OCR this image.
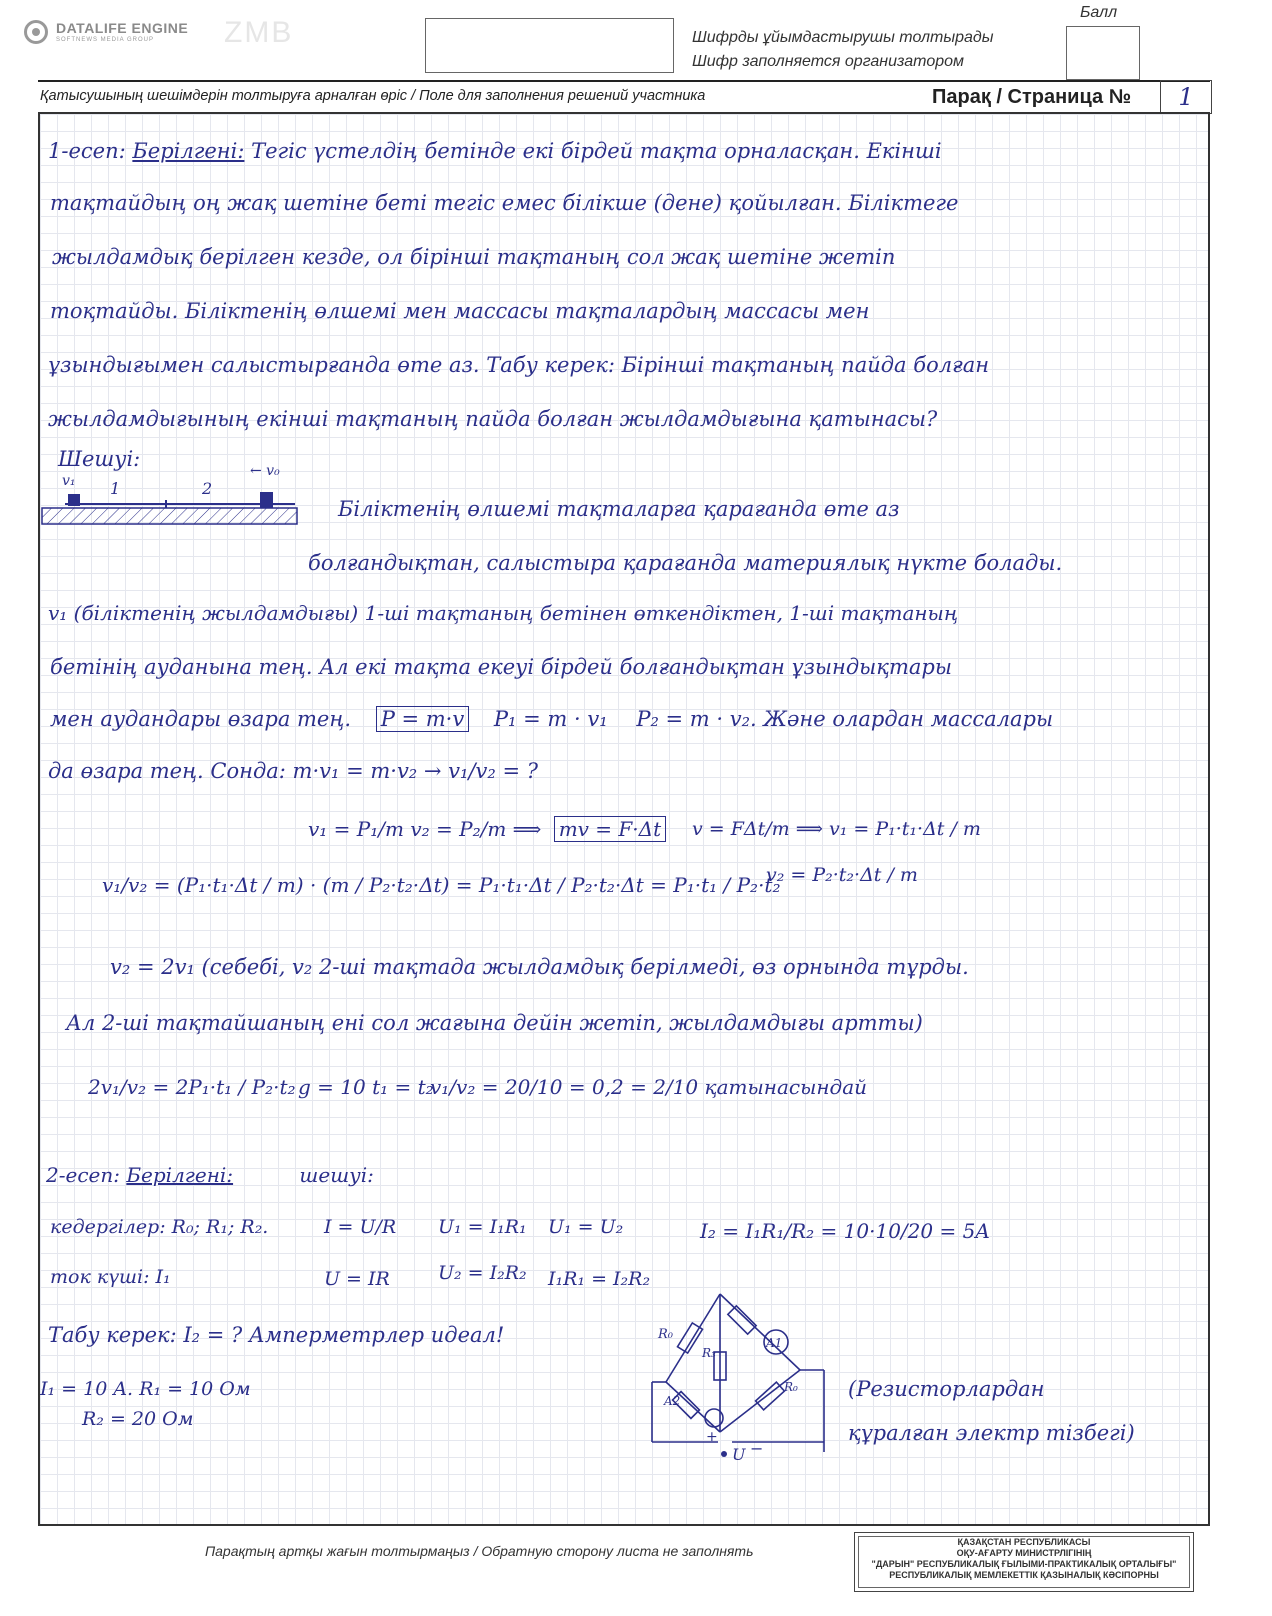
DATALIFE ENGINE
SOFTNEWS MEDIA GROUP	ZMB	Шифрды ұйымдастырушы толтырады
Шифр заполняется организатором
Балл
Қатысушының шешімдерін толтыруға арналған өріс / Поле для заполнения решений участника	Парақ / Страница №	1
1-есеп: Берілгені: Тегіс үстелдің бетінде екі бірдей тақта орналасқан. Екінші
тақтайдың оң жақ шетіне беті тегіс емес білікше (дене) қойылған. Біліктеге
жылдамдық берілген кезде, ол бірінші тақтаның сол жақ шетіне жетіп
тоқтайды. Біліктенің өлшемі мен массасы тақталардың массасы мен
ұзындығымен салыстырғанда өте аз. Табу керек: Бірінші тақтаның пайда болған
жылдамдығының екінші тақтаның пайда болған жылдамдығына қатынасы?
Шешуі:
v₁ 1	2
← v₀
Біліктенің өлшемі тақталарға қарағанда өте аз
болғандықтан, салыстыра қарағанда материялық нүкте болады.
v₁ (біліктенің жылдамдығы) 1-ші тақтаның бетінен өткендіктен, 1-ші тақтаның
бетінің ауданына тең. Ал екі тақта екеуі бірдей болғандықтан ұзындықтары
мен аудандары өзара тең. P = m·v P₁ = m · v₁ P₂ = m · v₂. Және олардан массалары
да өзара тең. Сонда: m·v₁ = m·v₂ → v₁/v₂ = ?
v₁ = P₁/m v₂ = P₂/m ⟹ mv = F·Δt v = FΔt/m ⟹ v₁ = P₁·t₁·Δt / m
v₂ = P₂·t₂·Δt / m
v₁/v₂ = (P₁·t₁·Δt / m) · (m / P₂·t₂·Δt) = P₁·t₁·Δt / P₂·t₂·Δt = P₁·t₁ / P₂·t₂
v₂ = 2v₁ (себебі, v₂ 2-ші тақтада жылдамдық берілмеді, өз орнында тұрды.
Ал 2-ші тақтайшаның ені сол жағына дейін жетіп, жылдамдығы артты)
2v₁/v₂ = 2P₁·t₁ / P₂·t₂ g = 10 t₁ = t₂
v₁/v₂ = 20/10 = 0,2 = 2/10 қатынасындай
2-есеп: Берілгені:	шешуі:
кедергілер: R₀; R₁; R₂.
ток күші: I₁
I = U/R
U = IR
U₁ = I₁R₁
U₂ = I₂R₂
U₁ = U₂
I₁R₁ = I₂R₂
I₂ = I₁R₁/R₂ = 10·10/20 = 5A
Табу керек: I₂ = ? Амперметрлер идеал!
I₁ = 10 A. R₁ = 10 Ом
R₂ = 20 Ом
R₀
R₃
A1
R₀
A2
+
U −
(Резисторлардан
құралған электр тізбегі)
Парақтың артқы жағын толтырмаңыз / Обратную сторону листа не заполнять
ҚАЗАҚСТАН РЕСПУБЛИКАСЫ
ОҚУ-АҒАРТУ МИНИСТРЛІГІНІҢ
"ДАРЫН" РЕСПУБЛИКАЛЫҚ ҒЫЛЫМИ-ПРАКТИКАЛЫҚ ОРТАЛЫҒЫ"
РЕСПУБЛИКАЛЫҚ МЕМЛЕКЕТТІК ҚАЗЫНАЛЫҚ КӘСІПОРНЫ
